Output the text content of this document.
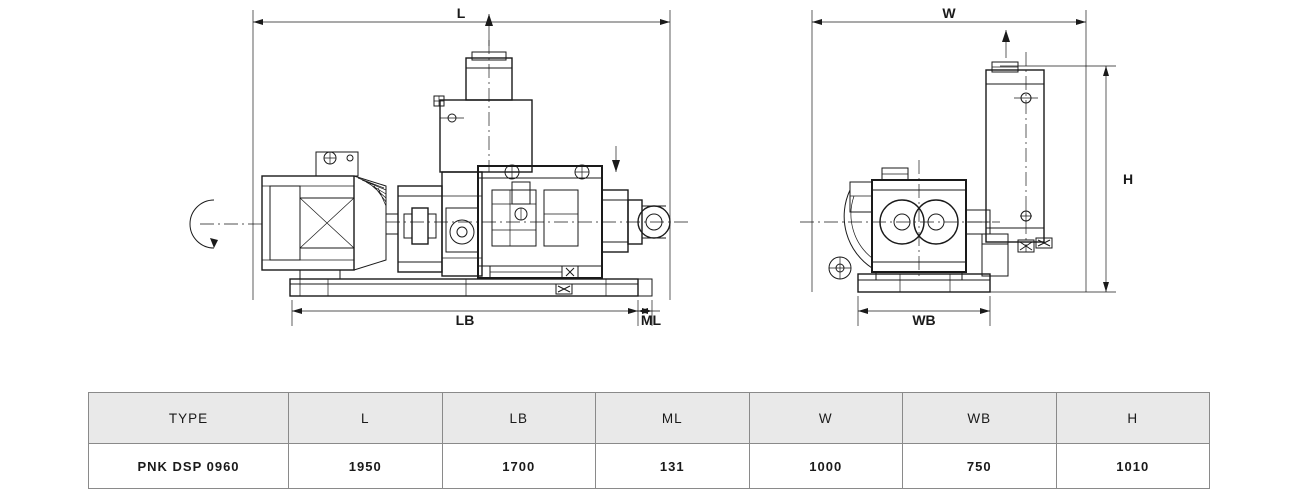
L
LB	ML
W
WB
H
TYPE	L	LB	ML	W	WB	H
PNK DSP 0960	1950	1700	131	1000	750	1010
